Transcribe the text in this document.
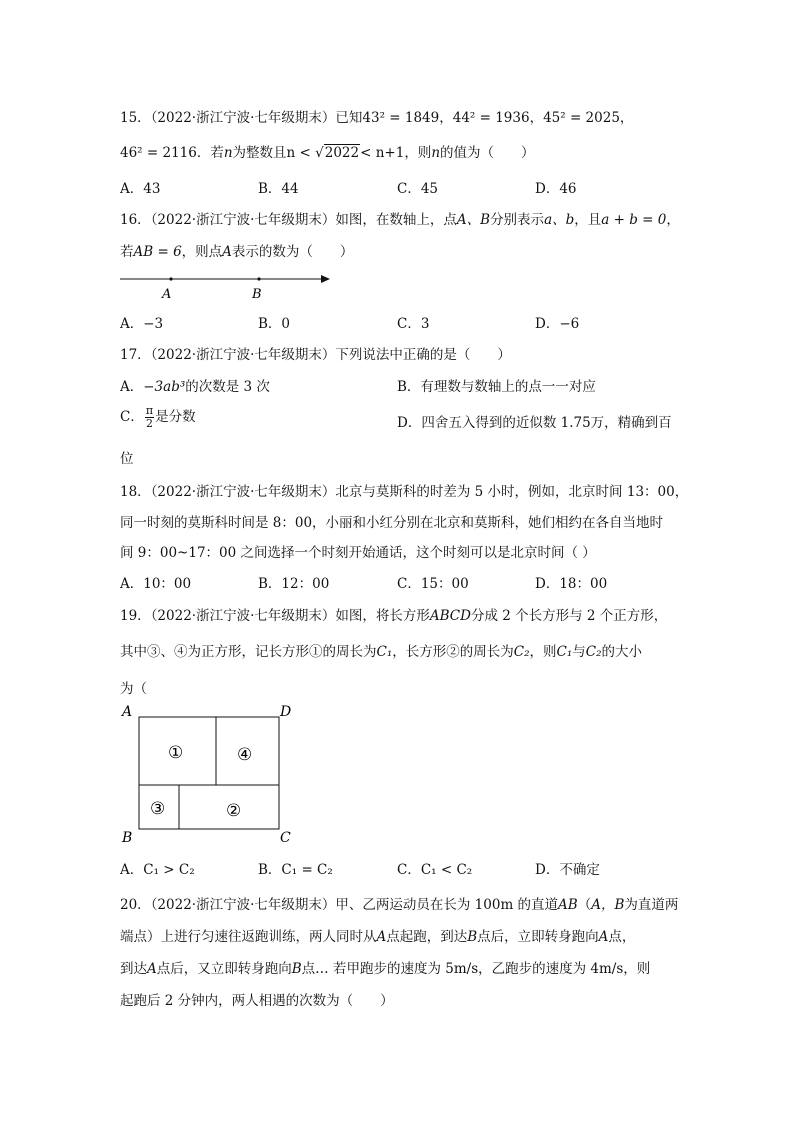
15．（2022·浙江宁波·七年级期末）已知43² = 1849，44² = 1936，45² = 2025，
46² = 2116．若n为整数且n < √2022< n+1，则n的值为（　　）
A．43	B．44	C．45	D．46
16．（2022·浙江宁波·七年级期末）如图，在数轴上，点A、B分别表示a、b，且a + b = 0，
若AB = 6，则点A表示的数为（　　）
A	B
A．−3	B．0	C．3	D．−6
17．（2022·浙江宁波·七年级期末）下列说法中正确的是（　　）
A．−3ab³的次数是 3 次	B．有理数与数轴上的点一一对应
C． $\frac{\pi}{2}$ 是分数	D．四舍五入得到的近似数 1.75万，精确到百
位
18．（2022·浙江宁波·七年级期末）北京与莫斯科的时差为 5 小时，例如，北京时间 13：00，
同一时刻的莫斯科时间是 8：00，小丽和小红分别在北京和莫斯科，她们相约在各自当地时
间 9：00~17：00 之间选择一个时刻开始通话，这个时刻可以是北京时间（ ）
A．10：00	B．12：00	C．15：00	D．18：00
19．（2022·浙江宁波·七年级期末）如图，将长方形ABCD分成 2 个长方形与 2 个正方形，
其中③、④为正方形，记长方形①的周长为C₁，长方形②的周长为C₂，则C₁与C₂的大小
为（
A	D
B	C
①	④
③	②
A．C₁ > C₂	B．C₁ = C₂	C．C₁ < C₂	D．不确定
20．（2022·浙江宁波·七年级期末）甲、乙两运动员在长为 100m 的直道AB（A，B为直道两
端点）上进行匀速往返跑训练，两人同时从A点起跑，到达B点后，立即转身跑向A点，
到达A点后，又立即转身跑向B点… 若甲跑步的速度为 5m/s，乙跑步的速度为 4m/s，则
起跑后 2 分钟内，两人相遇的次数为（　　）
